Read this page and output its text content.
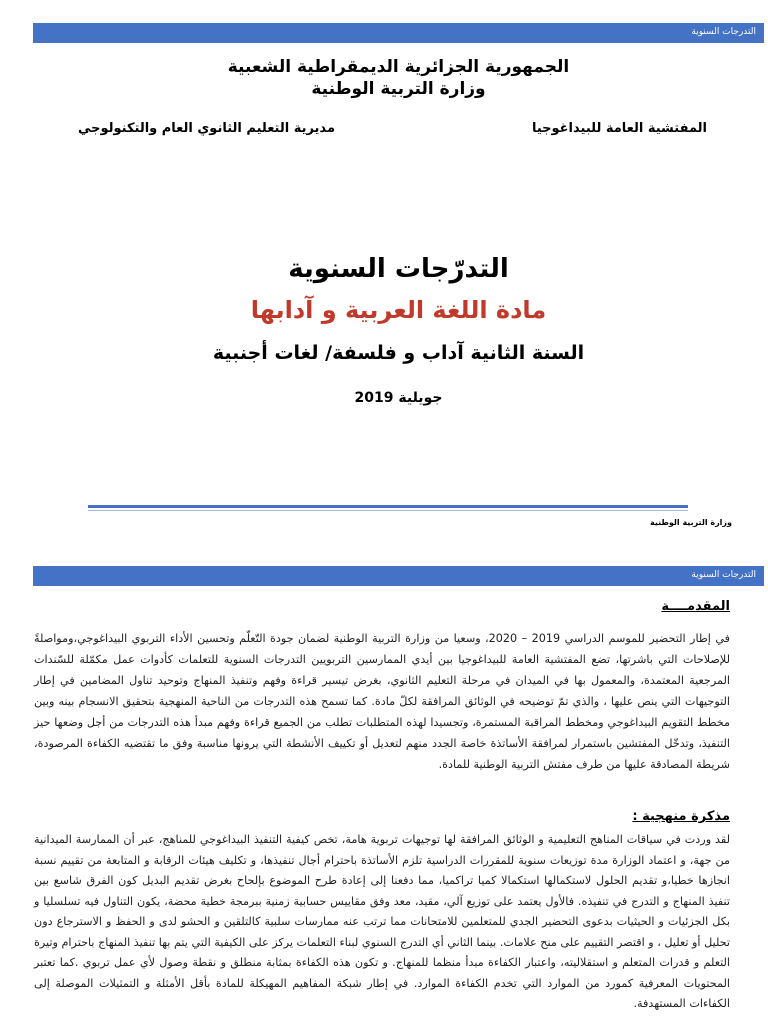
التدرجات السنوية
الجمهورية الجزائرية الديمقراطية الشعبية
وزارة التربية الوطنية
المفتشية العامة للبيداغوجيا
مديرية التعليم الثانوي العام والتكنولوجي
التدرّجات السنوية
مادة اللغة العربية و آدابها
السنة الثانية آداب و فلسفة/ لغات أجنبية
جويلية 2019
وزارة التربية الوطنية
التدرجات السنوية
المقدمــــة
في إطار التحضير للموسم الدراسي 2019 – 2020، وسعيا من وزارة التربية الوطنية لضمان جودة التّعلّم وتحسين الأداء التربوي البيداغوجي،ومواصلةً للإصلاحات التي باشرتها، تضع المفتشية العامة للبيداغوجيا بين أيدي الممارسين التربويين التدرجات السنوية للتعلمات كأدوات عمل مكمّلة للسّندات المرجعية المعتمدة، والمعمول بها في الميدان في مرحلة التعليم الثانوي، بغرض تيسير قراءة وفهم وتنفيذ المنهاج وتوحيد تناول المضامين في إطار التوجيهات التي ينص عليها ، والذي تمّ توضيحه في الوثائق المرافقة لكلّ مادة. كما تسمح هذه التدرجات من الناحية المنهجية بتحقيق الانسجام بينه وبين مخطط التقويم البيداغوجي ومخطط المراقبة المستمرة، وتجسيدا لهذه المتطلبات تطلب من الجميع قراءة وفهم مبدأ هذه التدرجات من أجل وضعها حيز التنفيذ، وتدخّل المفتشين باستمرار لمرافقة الأساتذة خاصة الجدد منهم لتعديل أو تكييف الأنشطة التي يرونها مناسبة وفق ما تقتضيه الكفاءة المرصودة، شريطة المصادقة عليها من طرف مفتش التربية الوطنية للمادة.
مذكرة منهجية :
لقد وردت في سياقات المناهج التعليمية و الوثائق المرافقة لها توجيهات تربوية هامة، تخص كيفية التنفيذ البيداغوجي للمناهج، عبر أن الممارسة الميدانية من جهة، و اعتماد الوزارة مدة توزيعات سنوية للمقررات الدراسية تلزم الأساتذة باحترام أجال تنفيذها، و تكليف هيئات الرقابة و المتابعة من تقييم نسبة انجازها خطيا،و تقديم الحلول لاستكمالها استكمالا كميا تراكميا، مما دفعنا إلى إعادة طرح الموضوع بإلحاح بغرض تقديم البديل كون الفرق شاسع بين تنفيذ المنهاج و التدرج في تنفيذه. فالأول يعتمد على توزيع آلي، مقيد، معد وفق مقاييس حسابية زمنية ببرمجة خطية محضة، يكون التناول فيه تسلسليا و بكل الجزئيات و الحيثيات بدعوى التحضير الجدي للمتعلمين للامتحانات مما ترتب عنه ممارسات سلبية كالتلقين و الحشو لدى و الحفظ و الاسترجاع دون تحليل أو تعليل ، و اقتصر التقييم على منح علامات. بينما الثاني أي التدرج السنوي لبناء التعلمات يركز على الكيفية التي يتم بها تنفيذ المنهاج باحترام وتيرة التعلم و قدرات المتعلم و استقلاليته، واعتبار الكفاءة مبدأ منظما للمنهاج. و تكون هذه الكفاءة بمثابة منطلق و نقطة وصول لأي عمل تربوي .كما تعتبر المحتويات المعرفية كمورد من الموارد التي تخدم الكفاءة الموارد. في إطار شبكة المفاهيم المهيكلة للمادة بأقل الأمثلة و التمثيلات الموصلة إلى الكفاءات المستهدفة.
